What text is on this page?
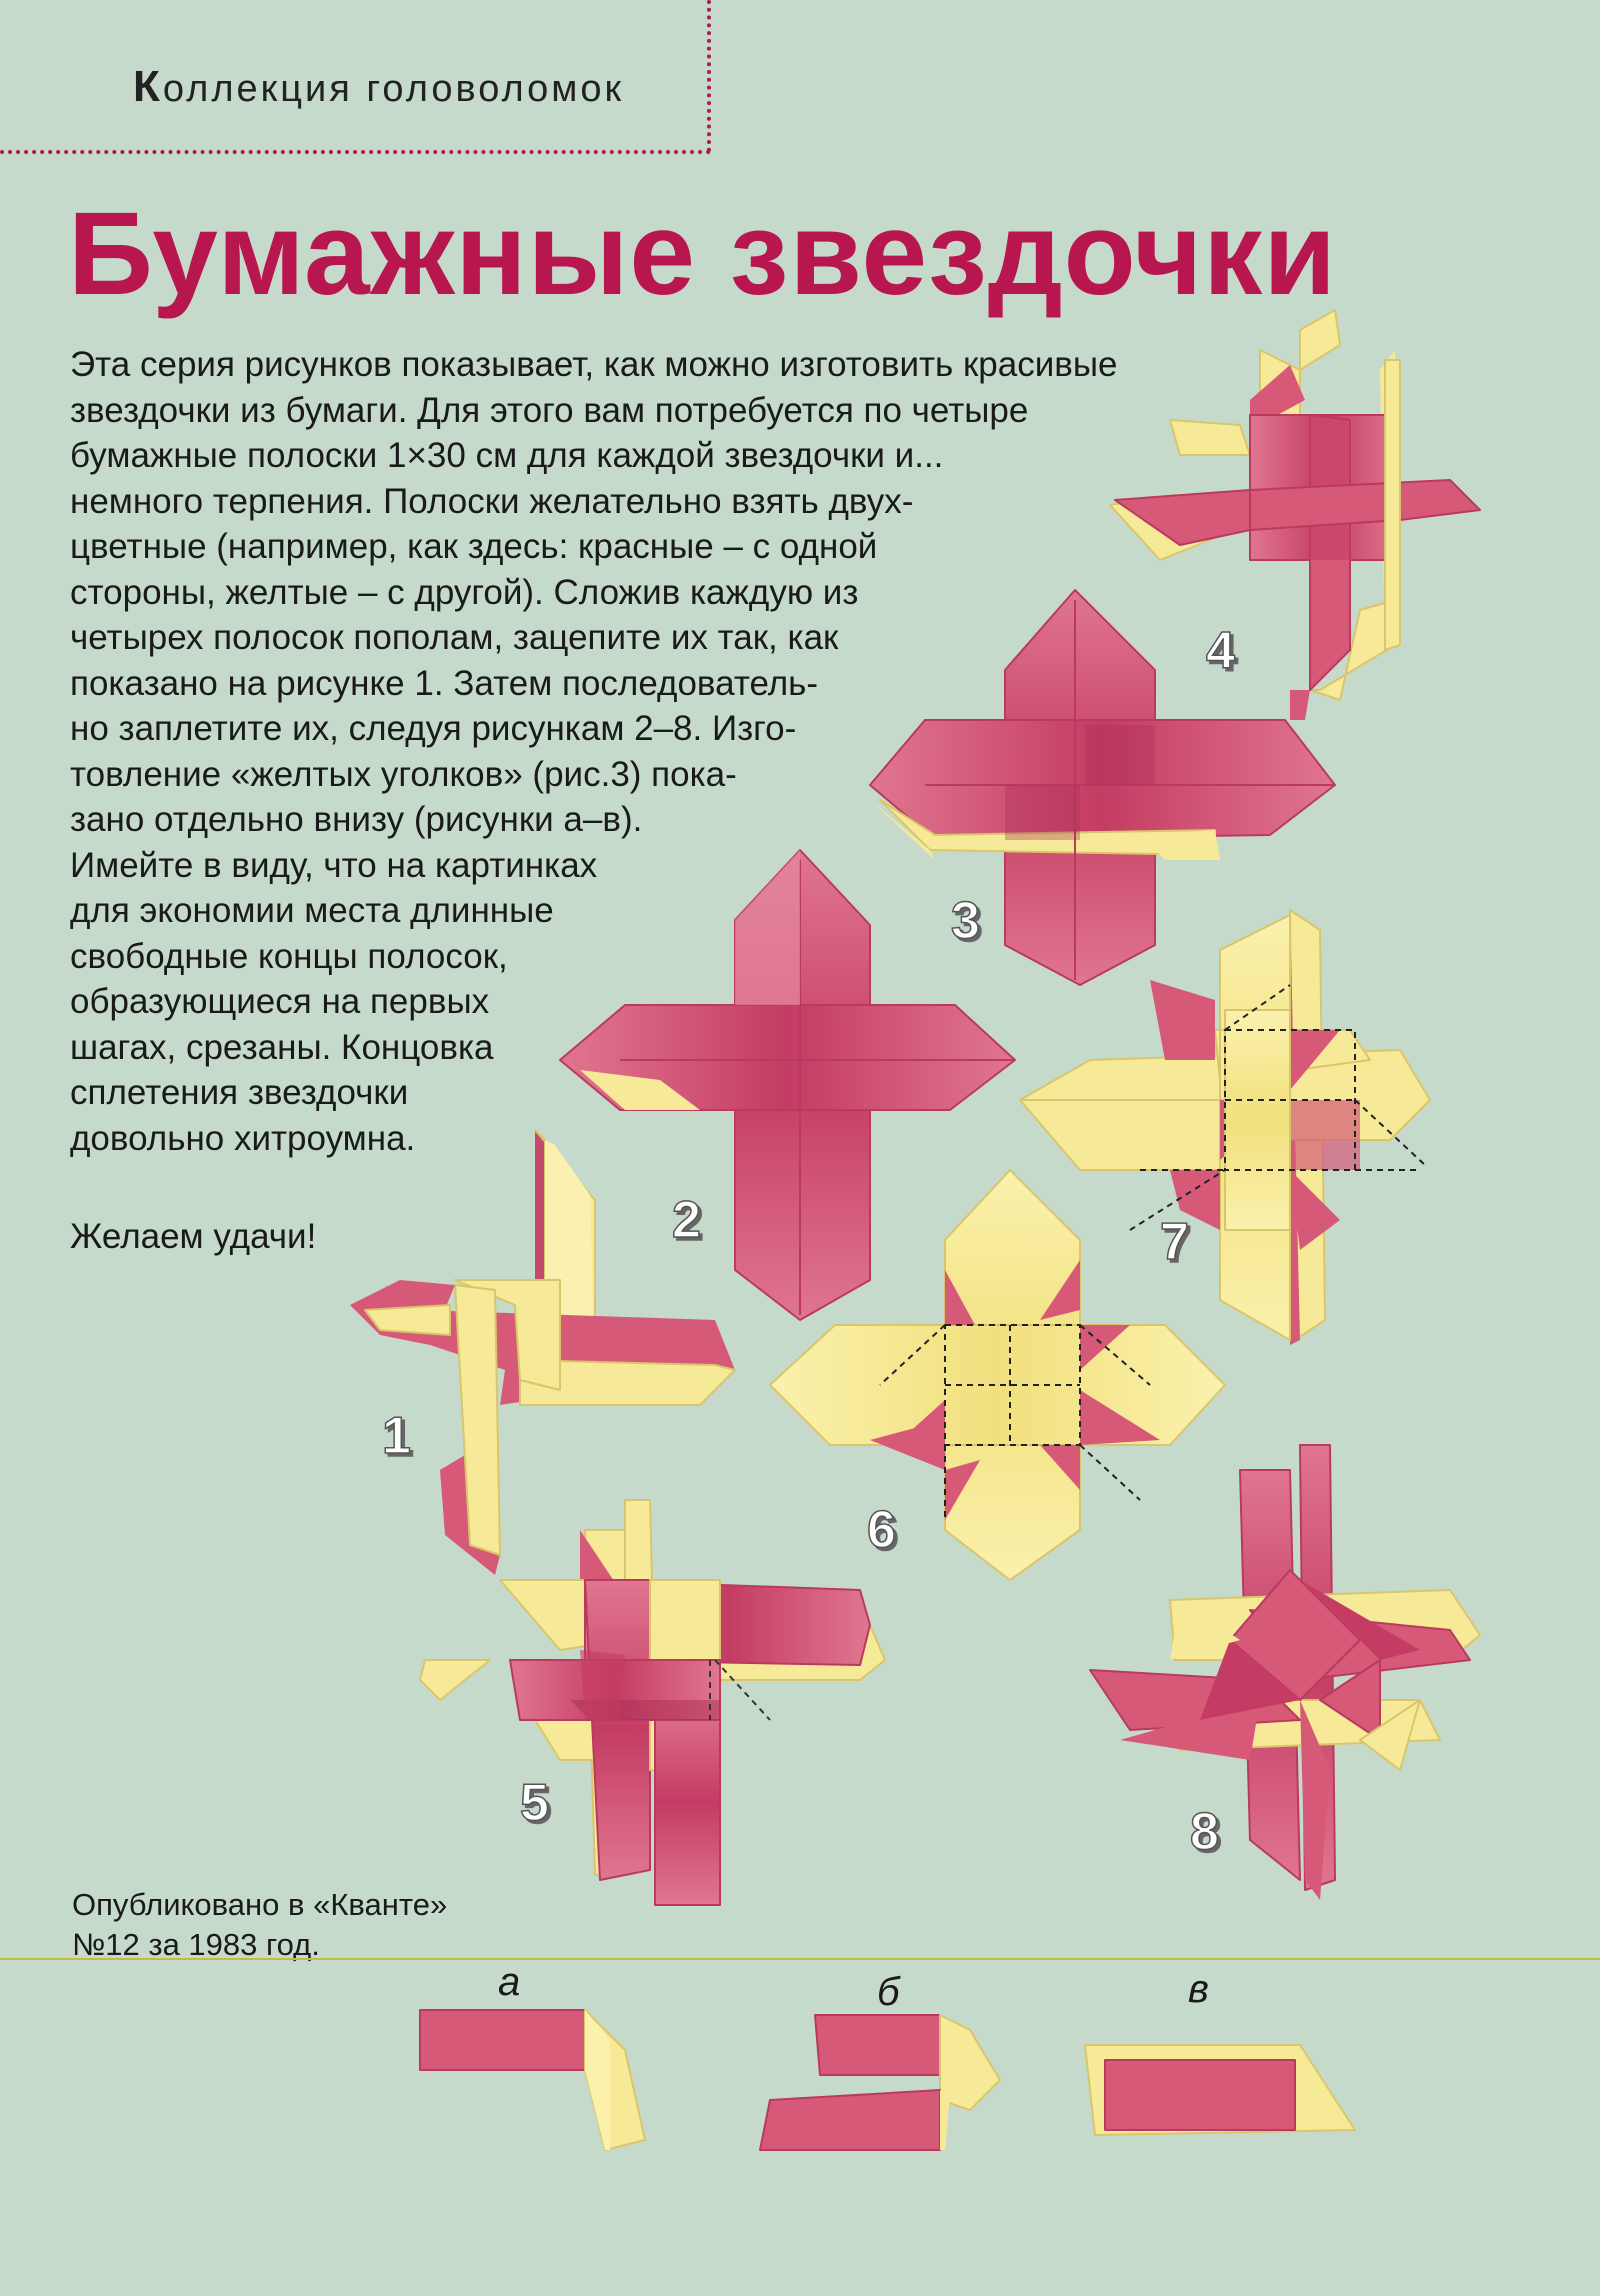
Коллекция головоломок
Бумажные звездочки
Эта серия рисунков показывает, как можно изготовить красивые
звездочки из бумаги. Для этого вам потребуется по четыре
бумажные полоски 1×30 см для каждой звездочки и...
немного терпения. Полоски желательно взять двух-
цветные (например, как здесь: красные – с одной
стороны, желтые – с другой). Сложив каждую из
четырех полосок пополам, зацепите их так, как
показано на рисунке 1. Затем последователь-
но заплетите их, следуя рисункам 2–8. Изго-
товление «желтых уголков» (рис.3) пока-
зано отдельно внизу (рисунки а–в).
Имейте в виду, что на картинках
для экономии места длинные
свободные концы полосок,
образующиеся на первых
шагах, срезаны. Концовка
сплетения звездочки
довольно хитроумна.
Желаем удачи!
Опубликовано в «Кванте»
№12 за 1983 год.
1
2
3
4
5
6
7
8
а	б	в
